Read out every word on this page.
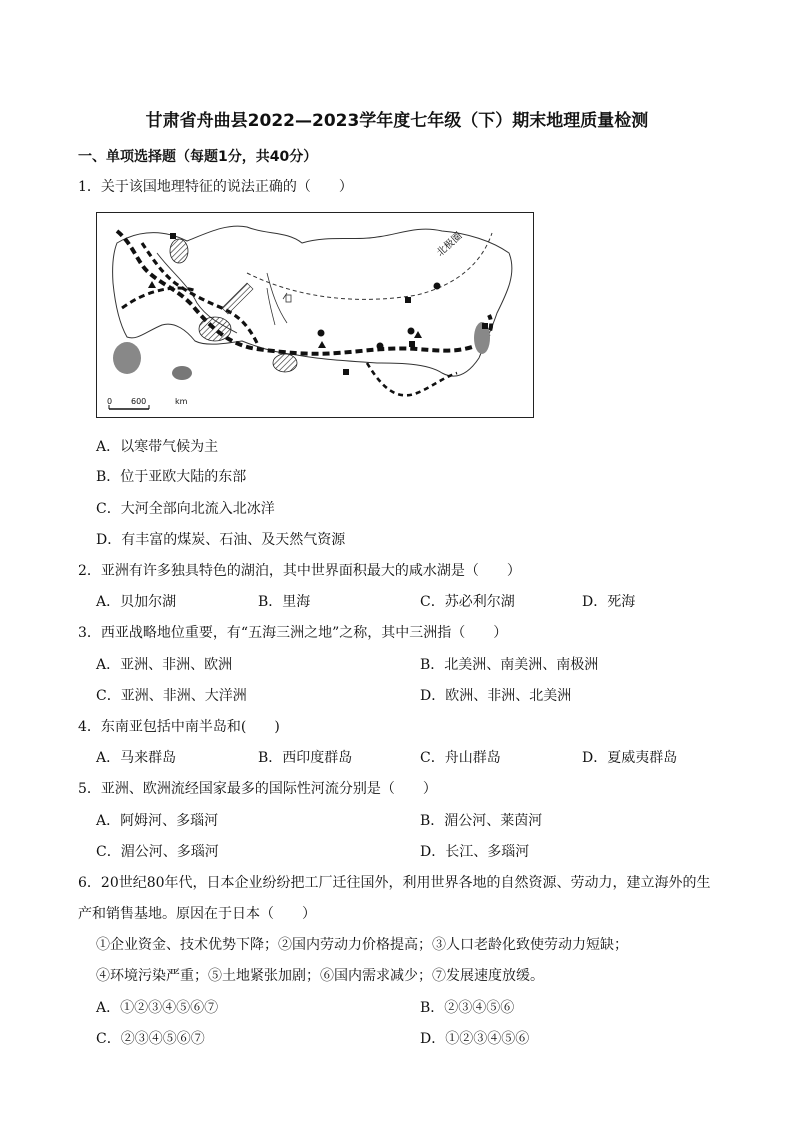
甘肃省舟曲县2022—2023学年度七年级（下）期末地理质量检测
一、单项选择题（每题1分，共40分）
1．关于该国地理特征的说法正确的（　　）
北极圈
0 600	km
A．以寒带气候为主
B．位于亚欧大陆的东部
C．大河全部向北流入北冰洋
D．有丰富的煤炭、石油、及天然气资源
2．亚洲有许多独具特色的湖泊，其中世界面积最大的咸水湖是（　　）
A．贝加尔湖	B．里海	C．苏必利尔湖	D．死海
3．西亚战略地位重要，有“五海三洲之地”之称，其中三洲指（　　）
A．亚洲、非洲、欧洲	B．北美洲、南美洲、南极洲
C．亚洲、非洲、大洋洲	D．欧洲、非洲、北美洲
4．东南亚包括中南半岛和(　　)
A．马来群岛	B．西印度群岛	C．舟山群岛	D．夏威夷群岛
5．亚洲、欧洲流经国家最多的国际性河流分别是（　　）
A．阿姆河、多瑙河	B．湄公河、莱茵河
C．湄公河、多瑙河	D．长江、多瑙河
6．20世纪80年代，日本企业纷纷把工厂迁往国外，利用世界各地的自然资源、劳动力，建立海外的生
产和销售基地。原因在于日本（　　）
①企业资金、技术优势下降；②国内劳动力价格提高；③人口老龄化致使劳动力短缺；
④环境污染严重；⑤土地紧张加剧；⑥国内需求减少；⑦发展速度放缓。
A．①②③④⑤⑥⑦	B．②③④⑤⑥
C．②③④⑤⑥⑦	D．①②③④⑤⑥
